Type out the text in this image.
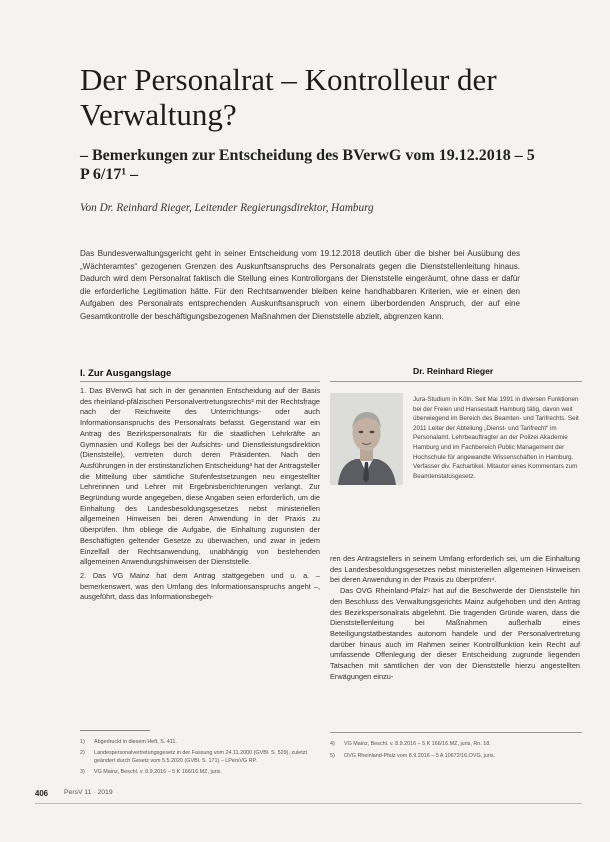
Der Personalrat – Kontrolleur der Verwaltung?
– Bemerkungen zur Entscheidung des BVerwG vom 19.12.2018 – 5 P 6/17¹ –

Von Dr. Reinhard Rieger, Leitender Regierungsdirektor, Hamburg

Das Bundesverwaltungsgericht geht in seiner Entscheidung vom 19.12.2018 deutlich über die bisher bei Ausübung des „Wächteramtes“ gezogenen Grenzen des Auskunftsanspruchs des Personalrats gegen die Dienststellenleitung hinaus. Dadurch wird dem Personalrat faktisch die Stellung eines Kontrollorgans der Dienststelle eingeräumt, ohne dass er dafür die erforderliche Legitimation hätte. Für den Rechtsanwender bleiben keine handhabbaren Kriterien, wie er einen den Aufgaben des Personalrats entsprechenden Auskunftsanspruch von einem überbordenden Anspruch, der auf eine Gesamtkontrolle der beschäftigungsbezogenen Maßnahmen der Dienststelle abzielt, abgrenzen kann.

I. Zur Ausgangslage

1. Das BVerwG hat sich in der genannten Entscheidung auf der Basis des rheinland-pfälzischen Personalvertretungsrechts² mit der Rechtsfrage nach der Reichweite des Unterrichtungs- oder auch Informationsanspruchs des Personalrats befasst. Gegenstand war ein Antrag des Bezirkspersonalrats für die staatlichen Lehrkräfte an Gymnasien und Kollegs bei der Aufsichts- und Dienstleistungsdirektion (Dienststelle), vertreten durch deren Präsidenten. Nach den Ausführungen in der erstinstanzlichen Entscheidung³ hat der Antragsteller die Mitteilung über sämtliche Stufenfestsetzungen neu eingestellter Lehrerinnen und Lehrer mit Ergebnisberichterungen verlangt. Zur Begründung wurde angegeben, diese Angaben seien erforderlich, um die Einhaltung des Landesbesoldungsgesetzes nebst ministeriellen allgemeinen Hinweisen bei deren Anwendung in der Praxis zu überprüfen. Ihm obliege die Aufgabe, die Einhaltung zugunsten der Beschäftigten geltender Gesetze zu überwachen, und zwar in jedem Einzelfall der Rechtsanwendung, unabhängig von bestehenden allgemeinen Anwendungshinweisen der Dienststelle.

2. Das VG Mainz hat dem Antrag stattgegeben und u. a. – bemerkenswert, was den Umfang des Informationsanspruchs angeht –, ausgeführt, dass das Informationsbegeh-

Dr. Reinhard Rieger

Jura-Studium in Köln. Seit Mai 1991 in diversen Funktionen bei der Freien und Hansestadt Hamburg tätig, davon weit überwiegend im Bereich des Beamten- und Tarifrechts. Seit 2011 Leiter der Abteilung „Dienst- und Tarifrecht“ im Personalamt. Lehrbeauftragter an der Polizei Akademie Hamburg und im Fachbereich Public Management der Hochschule für angewandte Wissenschaften in Hamburg. Verfasser div. Fachartikel. Mitautor eines Kommentars zum Beamtenstatusgesetz.

ren des Antragstellers in seinem Umfang erforderlich sei, um die Einhaltung des Landesbesoldungsgesetzes nebst ministeriellen allgemeinen Hinweisen bei deren Anwendung in der Praxis zu überprüfen⁴.

Das OVG Rheinland-Pfalz⁵ hat auf die Beschwerde der Dienststelle hin den Beschluss des Verwaltungsgerichts Mainz aufgehoben und den Antrag des Bezirkspersonalrats abgelehnt. Die tragenden Gründe waren, dass die Dienststellenleitung bei Maßnahmen außerhalb eines Beteiligungstatbestandes autonom handele und der Personalvertretung darüber hinaus auch im Rahmen seiner Kontrollfunktion kein Recht auf umfassende Offenlegung der dieser Entscheidung zugrunde liegenden Tatsachen mit sämtlichen der von der Dienststelle hierzu angestellten Erwägungen einzu-

1)	Abgedruckt in diesem Heft, S. 411.
2)	Landespersonalvertretungsgesetz in der Fassung vom 24.11.2000 (GVBl. S. 529), zuletzt geändert durch Gesetz vom 5.5.2020 (GVBl. S. 171) – LPersVG RP.
3)	VG Mainz, Beschl. v. 8.9.2016 – 5 K 166/16.MZ, juris.
4)	VG Mainz, Beschl. v. 8.9.2016 – 5 K 166/16.MZ, juris, Rn. 18.
5)	OVG Rheinland-Pfalz vom 8.9.2016 – 5 A 10672/16.OVG, juris.
406 PersV 11 · 2019
